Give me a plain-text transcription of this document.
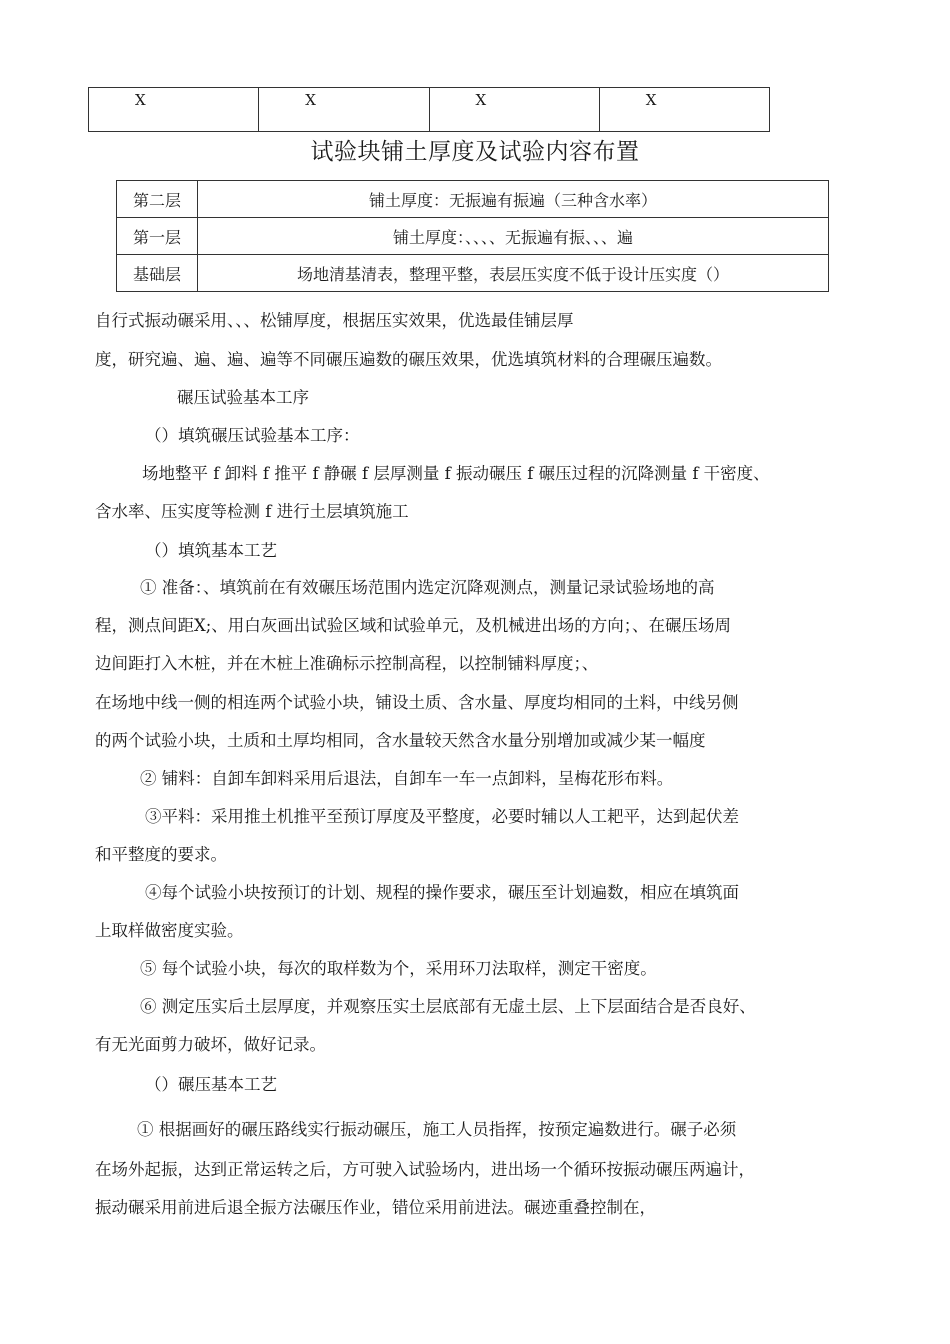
X	X	X	X
试验块铺土厚度及试验内容布置
第二层	铺土厚度：无振遍有振遍（三种含水率）
第一层	铺土厚度：、、、、无振遍有振、、、遍
基础层	场地清基清表，整理平整，表层压实度不低于设计压实度（）
自行式振动碾采用、、、松铺厚度，根据压实效果，优选最佳铺层厚
度，研究遍、遍、遍、遍等不同碾压遍数的碾压效果，优选填筑材料的合理碾压遍数。
碾压试验基本工序
（）填筑碾压试验基本工序：
场地整平 f 卸料 f 推平 f 静碾 f 层厚测量 f 振动碾压 f 碾压过程的沉降测量 f 干密度、
含水率、压实度等检测 f 进行土层填筑施工
（）填筑基本工艺
① 准备：、填筑前在有效碾压场范围内选定沉降观测点，测量记录试验场地的高
程，测点间距X;、用白灰画出试验区域和试验单元，及机械进出场的方向；、在碾压场周
边间距打入木桩，并在木桩上准确标示控制高程，以控制铺料厚度；、
在场地中线一侧的相连两个试验小块，铺设土质、含水量、厚度均相同的土料，中线另侧
的两个试验小块，土质和土厚均相同，含水量较天然含水量分别增加或减少某一幅度
② 铺料：自卸车卸料采用后退法，自卸车一车一点卸料，呈梅花形布料。
③平料：采用推土机推平至预订厚度及平整度，必要时辅以人工耙平，达到起伏差
和平整度的要求。
④每个试验小块按预订的计划、规程的操作要求，碾压至计划遍数，相应在填筑面
上取样做密度实验。
⑤ 每个试验小块，每次的取样数为个，采用环刀法取样，测定干密度。
⑥ 测定压实后土层厚度，并观察压实土层底部有无虚土层、上下层面结合是否良好、
有无光面剪力破坏，做好记录。
（）碾压基本工艺
① 根据画好的碾压路线实行振动碾压，施工人员指挥，按预定遍数进行。碾子必须
在场外起振，达到正常运转之后，方可驶入试验场内，进出场一个循环按振动碾压两遍计，
振动碾采用前进后退全振方法碾压作业，错位采用前进法。碾迹重叠控制在，
